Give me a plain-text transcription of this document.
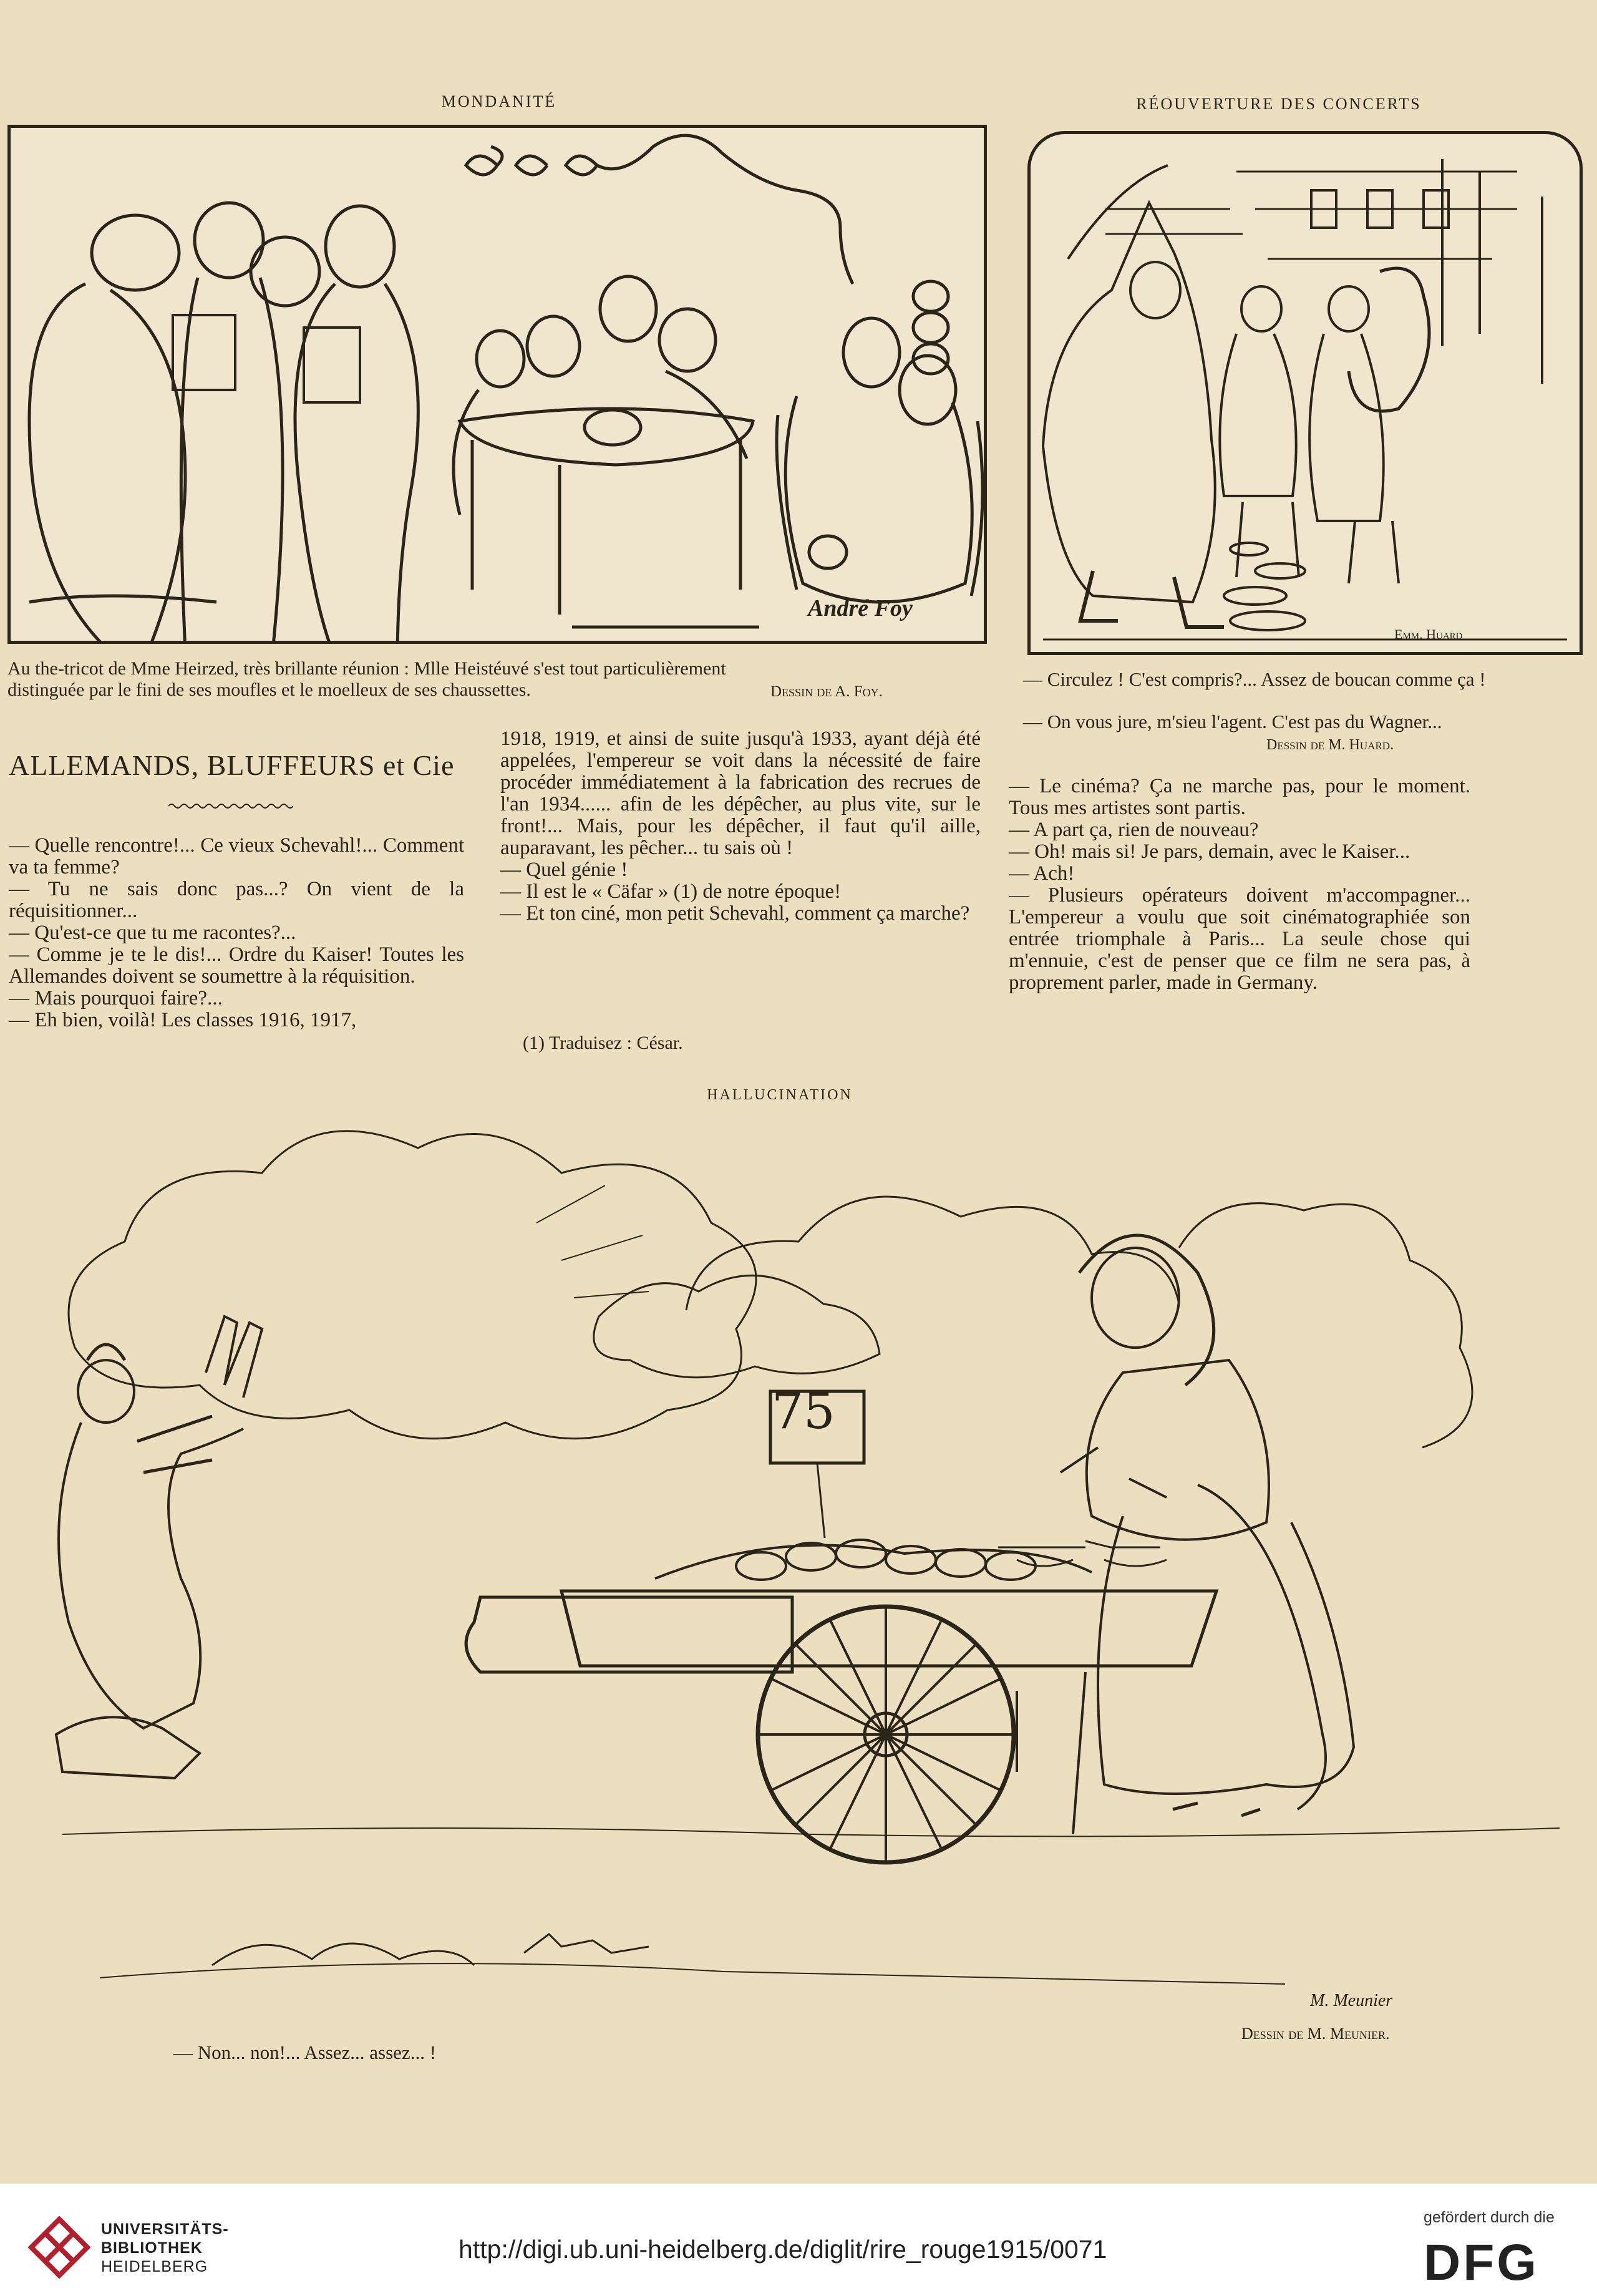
MONDANITÉ	RÉOUVERTURE DES CONCERTS
André Foy
Au the-tricot de Mme Heirzed, très brillante réunion : Mlle Heistéuvé s'est tout particulièrement
distinguée par le fini de ses moufles et le moelleux de ses chaussettes.	Dessin de A. Foy.
Emm. Huard
— Circulez ! C'est compris?... Assez de boucan comme ça !
— On vous jure, m'sieu l'agent. C'est pas du Wagner...
Dessin de M. Huard.
ALLEMANDS, BLUFFEURS et Cie

— Quelle rencontre!... Ce vieux Schevahl!... Comment va ta femme?

— Tu ne sais donc pas...? On vient de la réquisitionner...

— Qu'est-ce que tu me racontes?...

— Comme je te le dis!... Ordre du Kaiser! Toutes les Allemandes doivent se soumettre à la réquisition.

— Mais pourquoi faire?...

— Eh bien, voilà! Les classes 1916, 1917,

1918, 1919, et ainsi de suite jusqu'à 1933, ayant déjà été appelées, l'empereur se voit dans la nécessité de faire procéder immédiatement à la fabrication des recrues de l'an 1934...... afin de les dépêcher, au plus vite, sur le front!... Mais, pour les dépêcher, il faut qu'il aille, auparavant, les pêcher... tu sais où !

— Quel génie !

— Il est le « Cäfar » (1) de notre époque!

— Et ton ciné, mon petit Schevahl, comment ça marche?

(1) Traduisez : César.

— Le cinéma? Ça ne marche pas, pour le moment. Tous mes artistes sont partis.

— A part ça, rien de nouveau?

— Oh! mais si! Je pars, demain, avec le Kaiser...

— Ach!

— Plusieurs opérateurs doivent m'accompagner... L'empereur a voulu que soit cinématographiée son entrée triomphale à Paris... La seule chose qui m'ennuie, c'est de penser que ce film ne sera pas, à proprement parler, made in Germany.

HALLUCINATION
75
M. Meunier
— Non... non!... Assez... assez... !
Dessin de M. Meunier.
UNIVERSITÄTS-
BIBLIOTHEK
HEIDELBERG
http://digi.ub.uni-heidelberg.de/diglit/rire_rouge1915/0071
gefördert durch die
DFG
